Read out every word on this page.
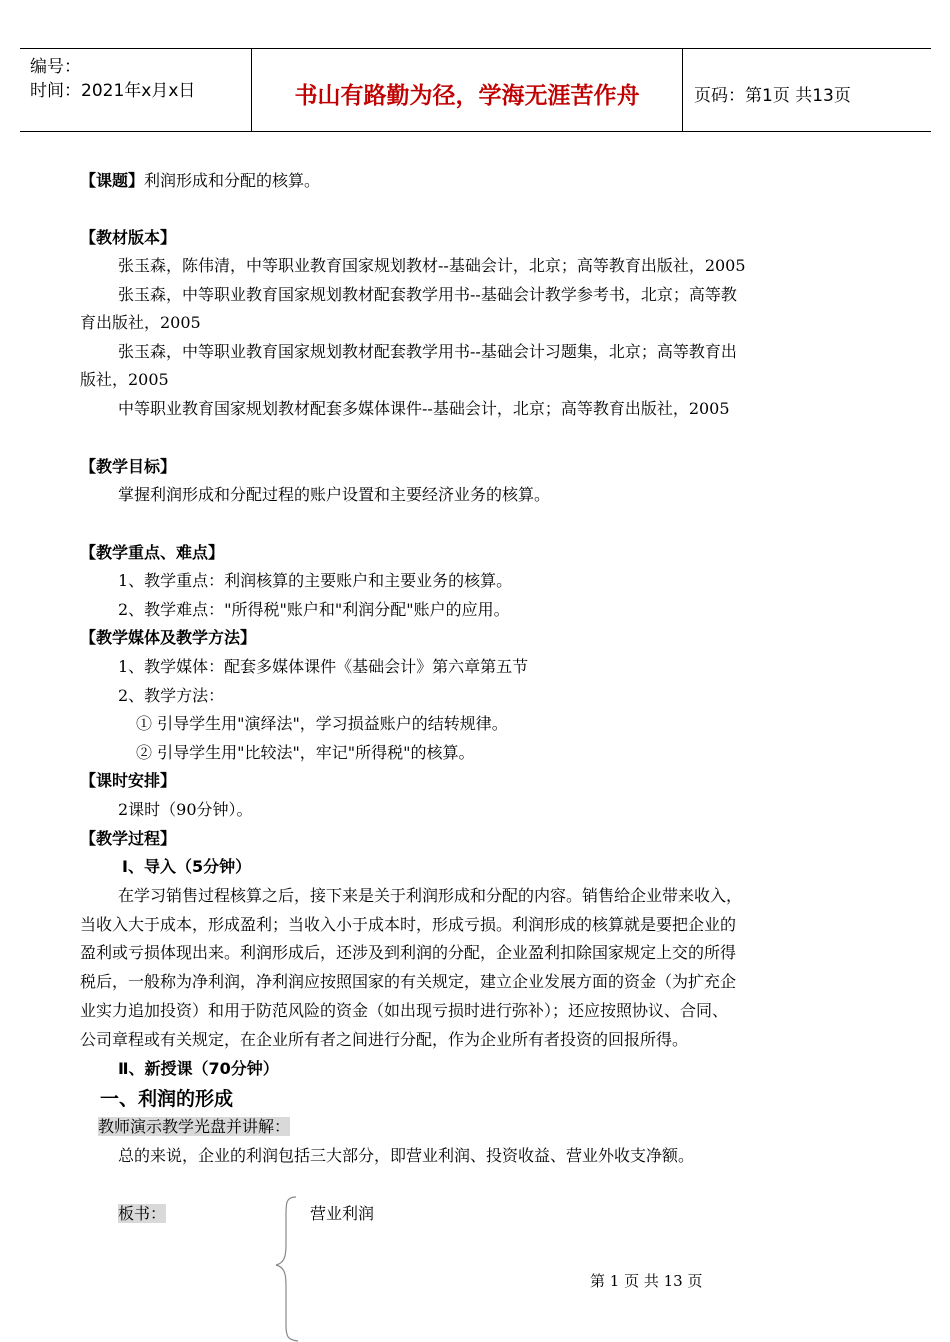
编号：
时间：2021年x月x日	书山有路勤为径，学海无涯苦作舟	页码：第1页 共13页
【课题】利润形成和分配的核算。
【教材版本】
张玉森，陈伟清，中等职业教育国家规划教材--基础会计，北京；高等教育出版社，2005
张玉森，中等职业教育国家规划教材配套教学用书--基础会计教学参考书，北京；高等教
育出版社，2005
张玉森，中等职业教育国家规划教材配套教学用书--基础会计习题集，北京；高等教育出
版社，2005
中等职业教育国家规划教材配套多媒体课件--基础会计，北京；高等教育出版社，2005
【教学目标】
掌握利润形成和分配过程的账户设置和主要经济业务的核算。
【教学重点、难点】
1、教学重点：利润核算的主要账户和主要业务的核算。
2、教学难点："所得税"账户和"利润分配"账户的应用。
【教学媒体及教学方法】
1、教学媒体：配套多媒体课件《基础会计》第六章第五节
2、教学方法：
① 引导学生用"演绎法"，学习损益账户的结转规律。
② 引导学生用"比较法"，牢记"所得税"的核算。
【课时安排】
2课时（90分钟）。
【教学过程】
Ⅰ、导入（5分钟）
在学习销售过程核算之后，接下来是关于利润形成和分配的内容。销售给企业带来收入，
当收入大于成本，形成盈利；当收入小于成本时，形成亏损。利润形成的核算就是要把企业的
盈利或亏损体现出来。利润形成后，还涉及到利润的分配，企业盈利扣除国家规定上交的所得
税后，一般称为净利润，净利润应按照国家的有关规定，建立企业发展方面的资金（为扩充企
业实力追加投资）和用于防范风险的资金（如出现亏损时进行弥补）；还应按照协议、合同、
公司章程或有关规定，在企业所有者之间进行分配，作为企业所有者投资的回报所得。
Ⅱ、新授课（70分钟）
一、利润的形成
教师演示教学光盘并讲解：
总的来说，企业的利润包括三大部分，即营业利润、投资收益、营业外收支净额。
板书：	营业利润
第 1 页 共 13 页
